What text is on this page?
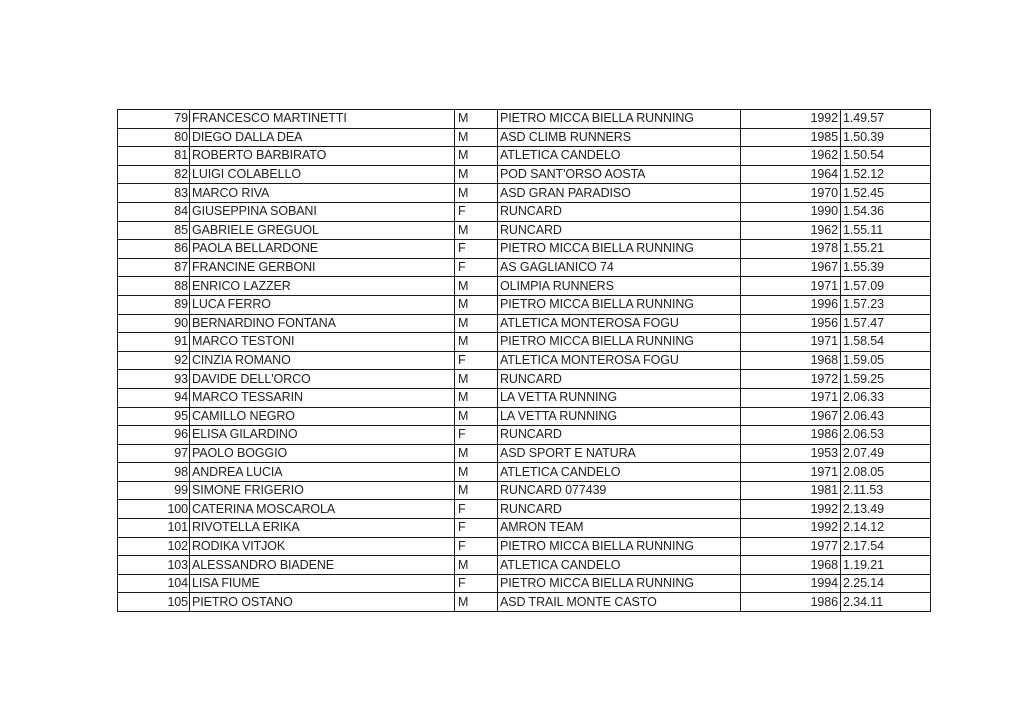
79	FRANCESCO MARTINETTI	M	PIETRO MICCA BIELLA RUNNING	1992	1.49.57
80	DIEGO DALLA DEA	M	ASD CLIMB RUNNERS	1985	1.50.39
81	ROBERTO BARBIRATO	M	ATLETICA CANDELO	1962	1.50.54
82	LUIGI COLABELLO	M	POD SANT'ORSO AOSTA	1964	1.52.12
83	MARCO RIVA	M	ASD GRAN PARADISO	1970	1.52.45
84	GIUSEPPINA SOBANI	F	RUNCARD	1990	1.54.36
85	GABRIELE GREGUOL	M	RUNCARD	1962	1.55.11
86	PAOLA BELLARDONE	F	PIETRO MICCA BIELLA RUNNING	1978	1.55.21
87	FRANCINE GERBONI	F	AS GAGLIANICO 74	1967	1.55.39
88	ENRICO LAZZER	M	OLIMPIA RUNNERS	1971	1.57.09
89	LUCA FERRO	M	PIETRO MICCA BIELLA RUNNING	1996	1.57.23
90	BERNARDINO FONTANA	M	ATLETICA MONTEROSA FOGU	1956	1.57.47
91	MARCO TESTONI	M	PIETRO MICCA BIELLA RUNNING	1971	1.58.54
92	CINZIA ROMANO	F	ATLETICA MONTEROSA FOGU	1968	1.59.05
93	DAVIDE DELL'ORCO	M	RUNCARD	1972	1.59.25
94	MARCO TESSARIN	M	LA VETTA RUNNING	1971	2.06.33
95	CAMILLO NEGRO	M	LA VETTA RUNNING	1967	2.06.43
96	ELISA GILARDINO	F	RUNCARD	1986	2.06.53
97	PAOLO BOGGIO	M	ASD SPORT E NATURA	1953	2.07.49
98	ANDREA LUCIA	M	ATLETICA CANDELO	1971	2.08.05
99	SIMONE FRIGERIO	M	RUNCARD 077439	1981	2.11.53
100	CATERINA MOSCAROLA	F	RUNCARD	1992	2.13.49
101	RIVOTELLA ERIKA	F	AMRON TEAM	1992	2.14.12
102	RODIKA VITJOK	F	PIETRO MICCA BIELLA RUNNING	1977	2.17.54
103	ALESSANDRO BIADENE	M	ATLETICA CANDELO	1968	1.19.21
104	LISA FIUME	F	PIETRO MICCA BIELLA RUNNING	1994	2.25.14
105	PIETRO OSTANO	M	ASD TRAIL MONTE CASTO	1986	2.34.11
